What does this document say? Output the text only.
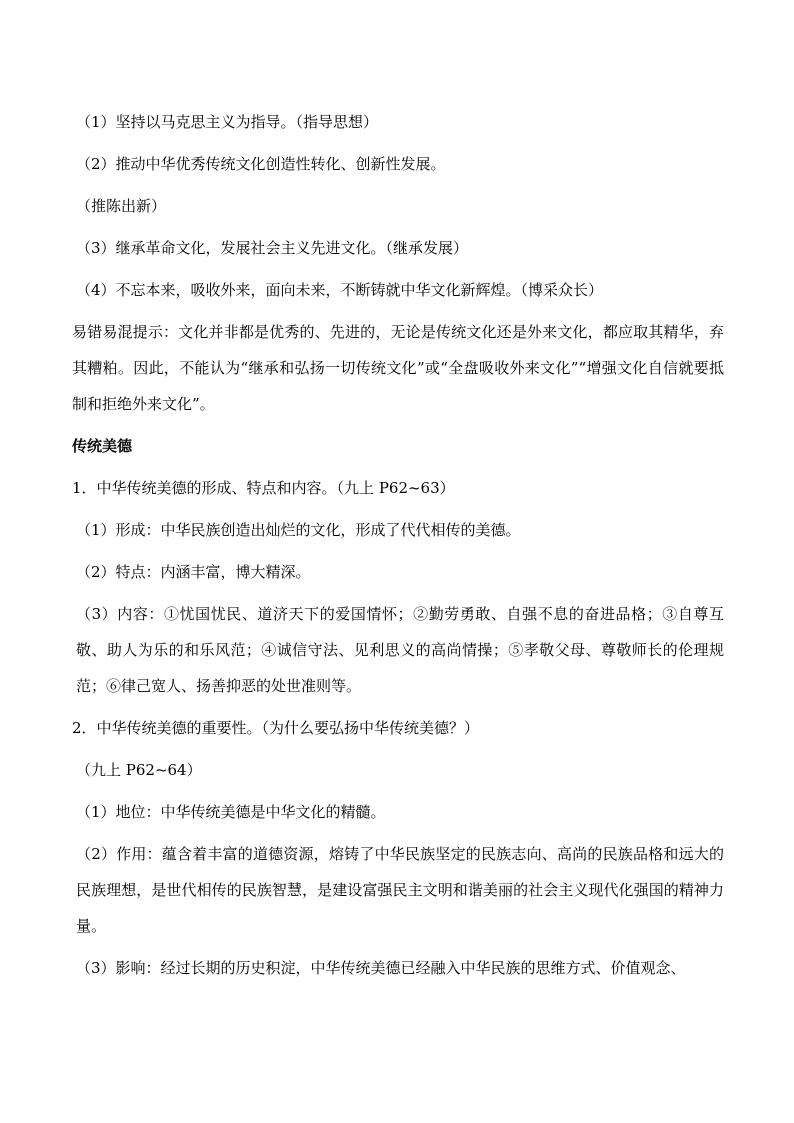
（1）坚持以马克思主义为指导。（指导思想）

（2）推动中华优秀传统文化创造性转化、创新性发展。

（推陈出新）

（3）继承革命文化，发展社会主义先进文化。（继承发展）

（4）不忘本来，吸收外来，面向未来，不断铸就中华文化新辉煌。（博采众长）

易错易混提示：文化并非都是优秀的、先进的，无论是传统文化还是外来文化，都应取其精华，弃其糟粕。因此，不能认为“继承和弘扬一切传统文化”或“全盘吸收外来文化”“增强文化自信就要抵制和拒绝外来文化”。

传统美德

1．中华传统美德的形成、特点和内容。（九上 P62~63）

（1）形成：中华民族创造出灿烂的文化，形成了代代相传的美德。

（2）特点：内涵丰富，博大精深。

（3）内容：①忧国忧民、道济天下的爱国情怀；②勤劳勇敢、自强不息的奋进品格；③自尊互敬、助人为乐的和乐风范；④诚信守法、见利思义的高尚情操；⑤孝敬父母、尊敬师长的伦理规范；⑥律己宽人、扬善抑恶的处世准则等。

2．中华传统美德的重要性。（为什么要弘扬中华传统美德？）

（九上 P62~64）

（1）地位：中华传统美德是中华文化的精髓。

（2）作用：蕴含着丰富的道德资源，熔铸了中华民族坚定的民族志向、高尚的民族品格和远大的民族理想，是世代相传的民族智慧，是建设富强民主文明和谐美丽的社会主义现代化强国的精神力量。

（3）影响：经过长期的历史积淀，中华传统美德已经融入中华民族的思维方式、价值观念、
